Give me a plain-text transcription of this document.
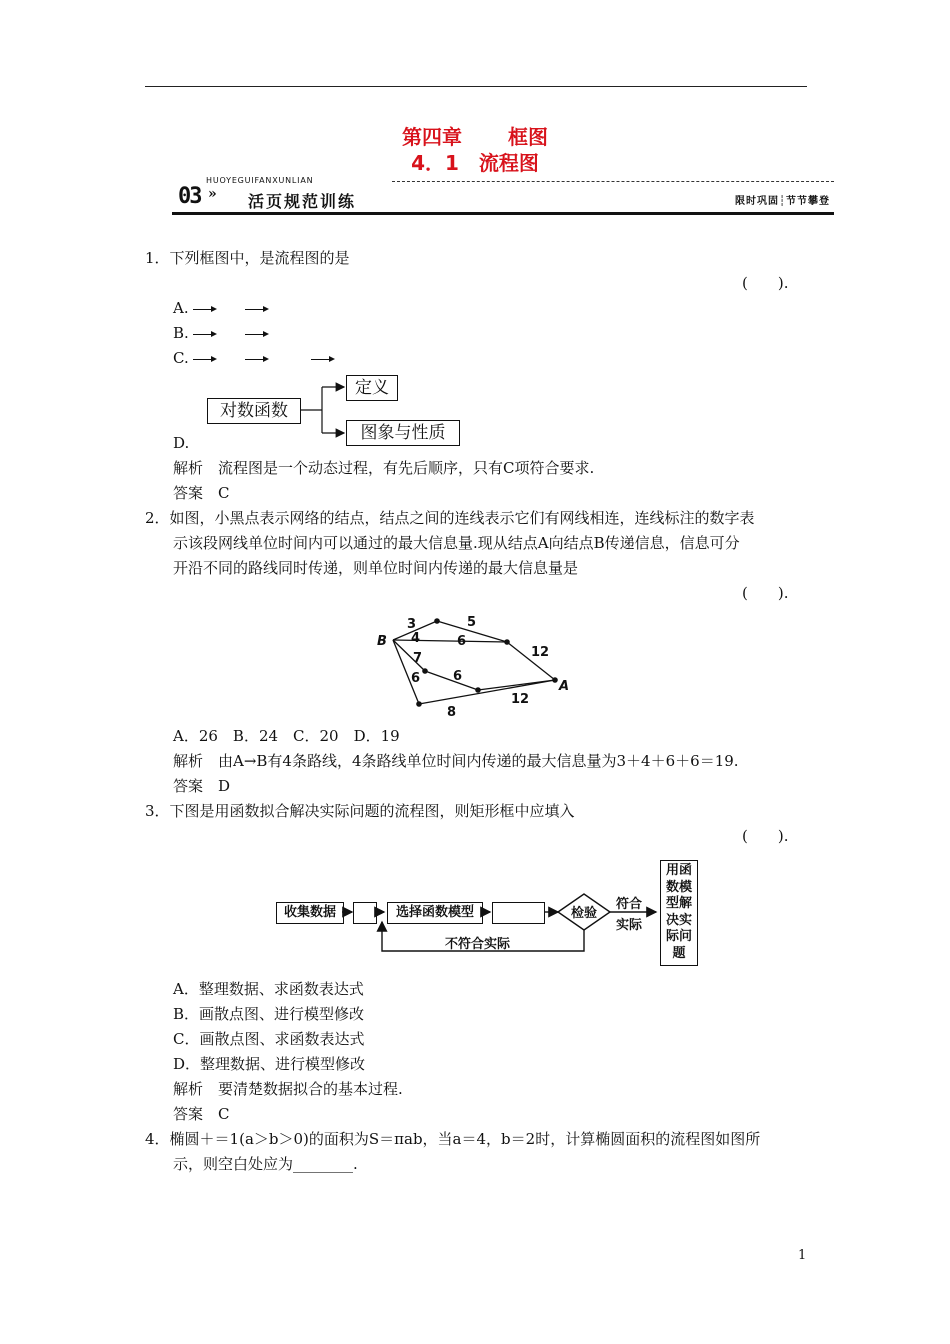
第四章 框图
4．1　流程图
03 »
HUOYEGUIFANXUNLIAN
活页规范训练	限时巩固┆节节攀登
1．下列框图中，是流程图的是
(　　).
A.
B.
C.
对数函数
定义
图象与性质
D.
解析　流程图是一个动态过程，有先后顺序，只有C项符合要求.
答案　C
2．如图，小黑点表示网络的结点，结点之间的连线表示它们有网线相连，连线标注的数字表
示该段网线单位时间内可以通过的最大信息量.现从结点A向结点B传递信息，信息可分
开沿不同的路线同时传递，则单位时间内传递的最大信息量是
(　　).
B
A
3	5
4	6
12
7
6
6
12
8
A．26　B．24　C．20　D．19
解析　由A→B有4条路线，4条路线单位时间内传递的最大信息量为3＋4＋6＋6＝19.
答案　D
3．下图是用函数拟合解决实际问题的流程图，则矩形框中应填入
(　　).
检验
收集数据	选择函数模型
符合
实际
不符合实际
用函
数模
型解
决实
际问
题
A．整理数据、求函数表达式
B．画散点图、进行模型修改
C．画散点图、求函数表达式
D．整理数据、进行模型修改
解析　要清楚数据拟合的基本过程.
答案　C
4．椭圆＋＝1(a＞b＞0)的面积为S＝πab，当a＝4，b＝2时，计算椭圆面积的流程图如图所
示，则空白处应为________.
1
